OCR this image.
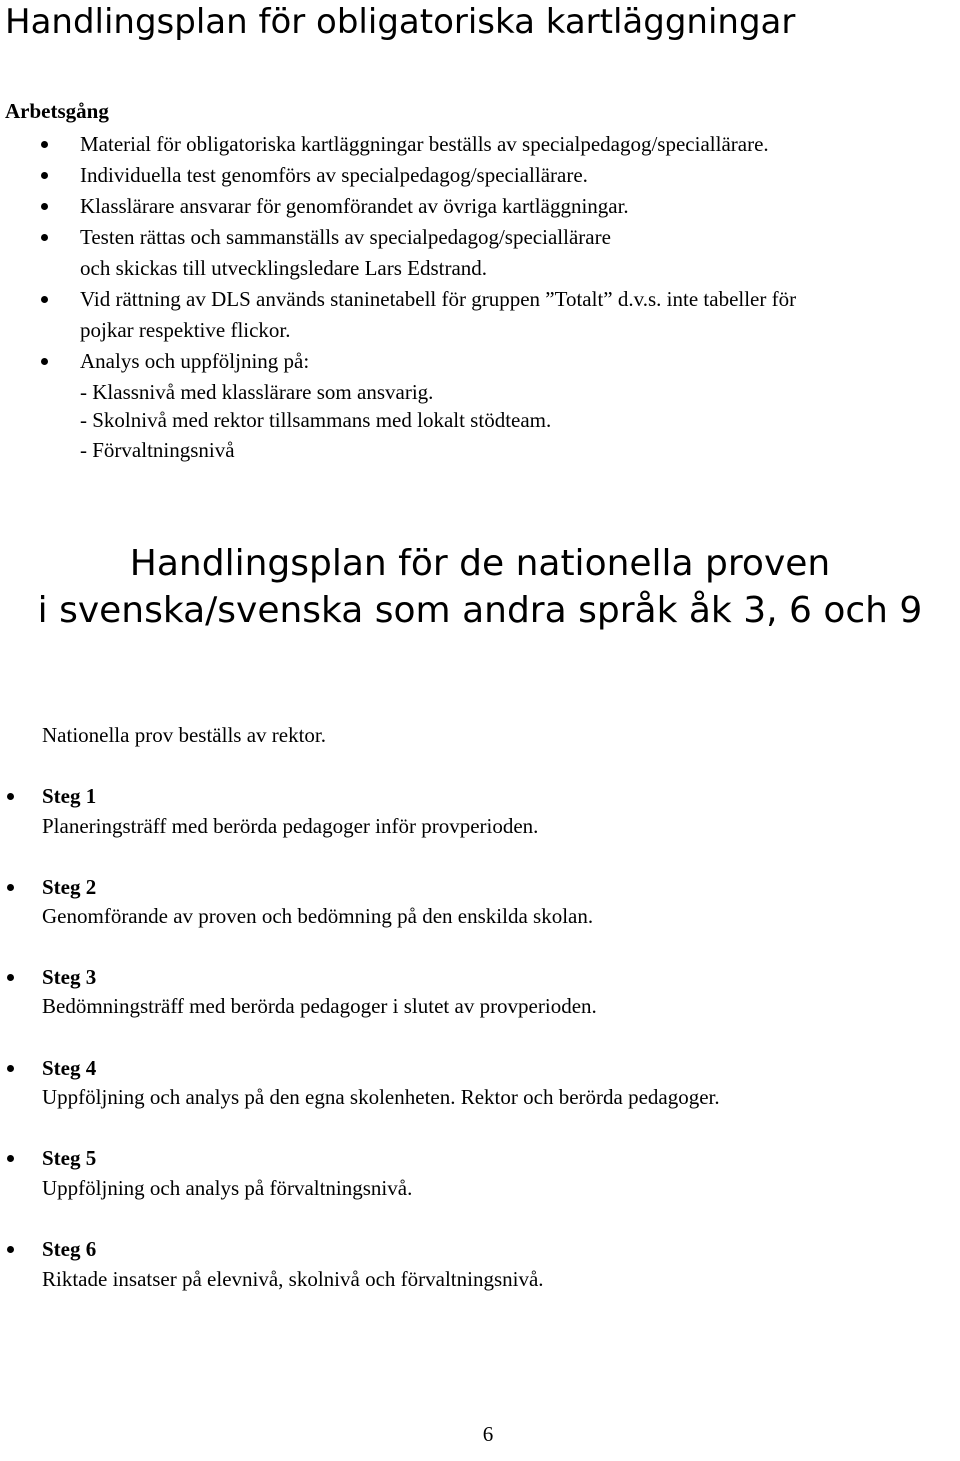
Handlingsplan för obligatoriska kartläggningar
Arbetsgång
Material för obligatoriska kartläggningar beställs av specialpedagog/speciallärare.
Individuella test genomförs av specialpedagog/speciallärare.
Klasslärare ansvarar för genomförandet av övriga kartläggningar.
Testen rättas och sammanställs av specialpedagog/speciallärare
och skickas till utvecklingsledare Lars Edstrand.
Vid rättning av DLS används staninetabell för gruppen ”Totalt” d.v.s. inte tabeller för
pojkar respektive flickor.
Analys och uppföljning på:
- Klassnivå med klasslärare som ansvarig.
- Skolnivå med rektor tillsammans med lokalt stödteam.
- Förvaltningsnivå
Handlingsplan för de nationella proven
i svenska/svenska som andra språk åk 3, 6 och 9
Nationella prov beställs av rektor.
Steg 1
Planeringsträff med berörda pedagoger inför provperioden.
Steg 2
Genomförande av proven och bedömning på den enskilda skolan.
Steg 3
Bedömningsträff med berörda pedagoger i slutet av provperioden.
Steg 4
Uppföljning och analys på den egna skolenheten. Rektor och berörda pedagoger.
Steg 5
Uppföljning och analys på förvaltningsnivå.
Steg 6
Riktade insatser på elevnivå, skolnivå och förvaltningsnivå.
6
